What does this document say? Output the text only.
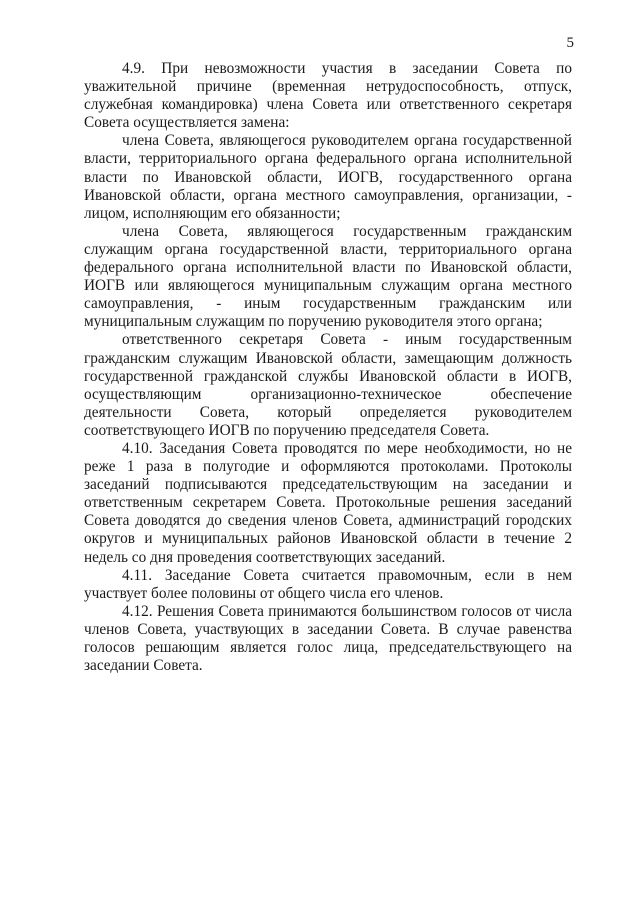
5

4.9. При невозможности участия в заседании Совета по уважительной причине (временная нетрудоспособность, отпуск, служебная командировка) члена Совета или ответственного секретаря Совета осуществляется замена:

члена Совета, являющегося руководителем органа государственной власти, территориального органа федерального органа исполнительной власти по Ивановской области, ИОГВ, государственного органа Ивановской области, органа местного самоуправления, организации, - лицом, исполняющим его обязанности;

члена Совета, являющегося государственным гражданским служащим органа государственной власти, территориального органа федерального органа исполнительной власти по Ивановской области, ИОГВ или являющегося муниципальным служащим органа местного самоуправления, - иным государственным гражданским или муниципальным служащим по поручению руководителя этого органа;

ответственного секретаря Совета - иным государственным гражданским служащим Ивановской области, замещающим должность государственной гражданской службы Ивановской области в ИОГВ, осуществляющим организационно-техническое обеспечение деятельности Совета, который определяется руководителем соответствующего ИОГВ по поручению председателя Совета.

4.10. Заседания Совета проводятся по мере необходимости, но не реже 1 раза в полугодие и оформляются протоколами. Протоколы заседаний подписываются председательствующим на заседании и ответственным секретарем Совета. Протокольные решения заседаний Совета доводятся до сведения членов Совета, администраций городских округов и муниципальных районов Ивановской области в течение 2 недель со дня проведения соответствующих заседаний.

4.11. Заседание Совета считается правомочным, если в нем участвует более половины от общего числа его членов.

4.12. Решения Совета принимаются большинством голосов от числа членов Совета, участвующих в заседании Совета. В случае равенства голосов решающим является голос лица, председательствующего на заседании Совета.
